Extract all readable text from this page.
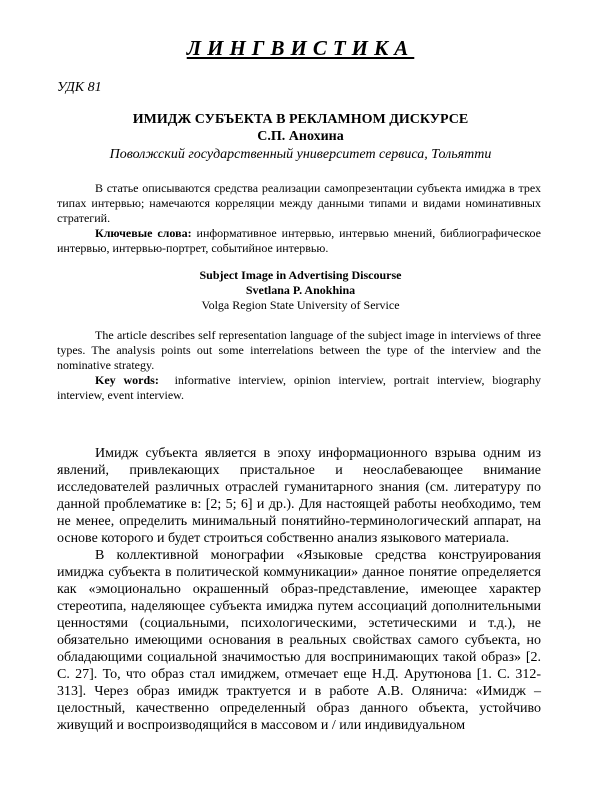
ЛИНГВИСТИКА
УДК 81
ИМИДЖ СУБЪЕКТА В РЕКЛАМНОМ ДИСКУРСЕ
С.П. Анохина
Поволжский государственный университет сервиса, Тольятти

В статье описываются средства реализации самопрезентации субъекта имиджа в трех типах интервью; намечаются корреляции между данными типами и видами номинативных стратегий.

Ключевые слова: информативное интервью, интервью мнений, библиографическое интервью, интервью-портрет, событийное интервью.

Subject Image in Advertising Discourse
Svetlana P. Anokhina
Volga Region State University of Service

The article describes self representation language of the subject image in interviews of three types. The analysis points out some interrelations between the type of the interview and the nominative strategy.

Key words: informative interview, opinion interview, portrait interview, biography interview, event interview.

Имидж субъекта является в эпоху информационного взрыва одним из явлений, привлекающих пристальное и неослабевающее внимание исследователей различных отраслей гуманитарного знания (см. литературу по данной проблематике в: [2; 5; 6] и др.). Для настоящей работы необходимо, тем не менее, определить минимальный понятийно-терминологический аппарат, на основе которого и будет строиться собственно анализ языкового материала.

В коллективной монографии «Языковые средства конструирования имиджа субъекта в политической коммуникации» данное понятие определяется как «эмоционально окрашенный образ-представление, имеющее характер стереотипа, наделяющее субъекта имиджа путем ассоциаций дополнительными ценностями (социальными, психологическими, эстетическими и т.д.), не обязательно имеющими основания в реальных свойствах самого субъекта, но обладающими социальной значимостью для воспринимающих такой образ» [2. С. 27]. То, что образ стал имиджем, отмечает еще Н.Д. Арутюнова [1. С. 312-313]. Через образ имидж трактуется и в работе А.В. Олянича: «Имидж – целостный, качественно определенный образ данного объекта, устойчиво живущий и воспроизводящийся в массовом и / или индивидуальном
